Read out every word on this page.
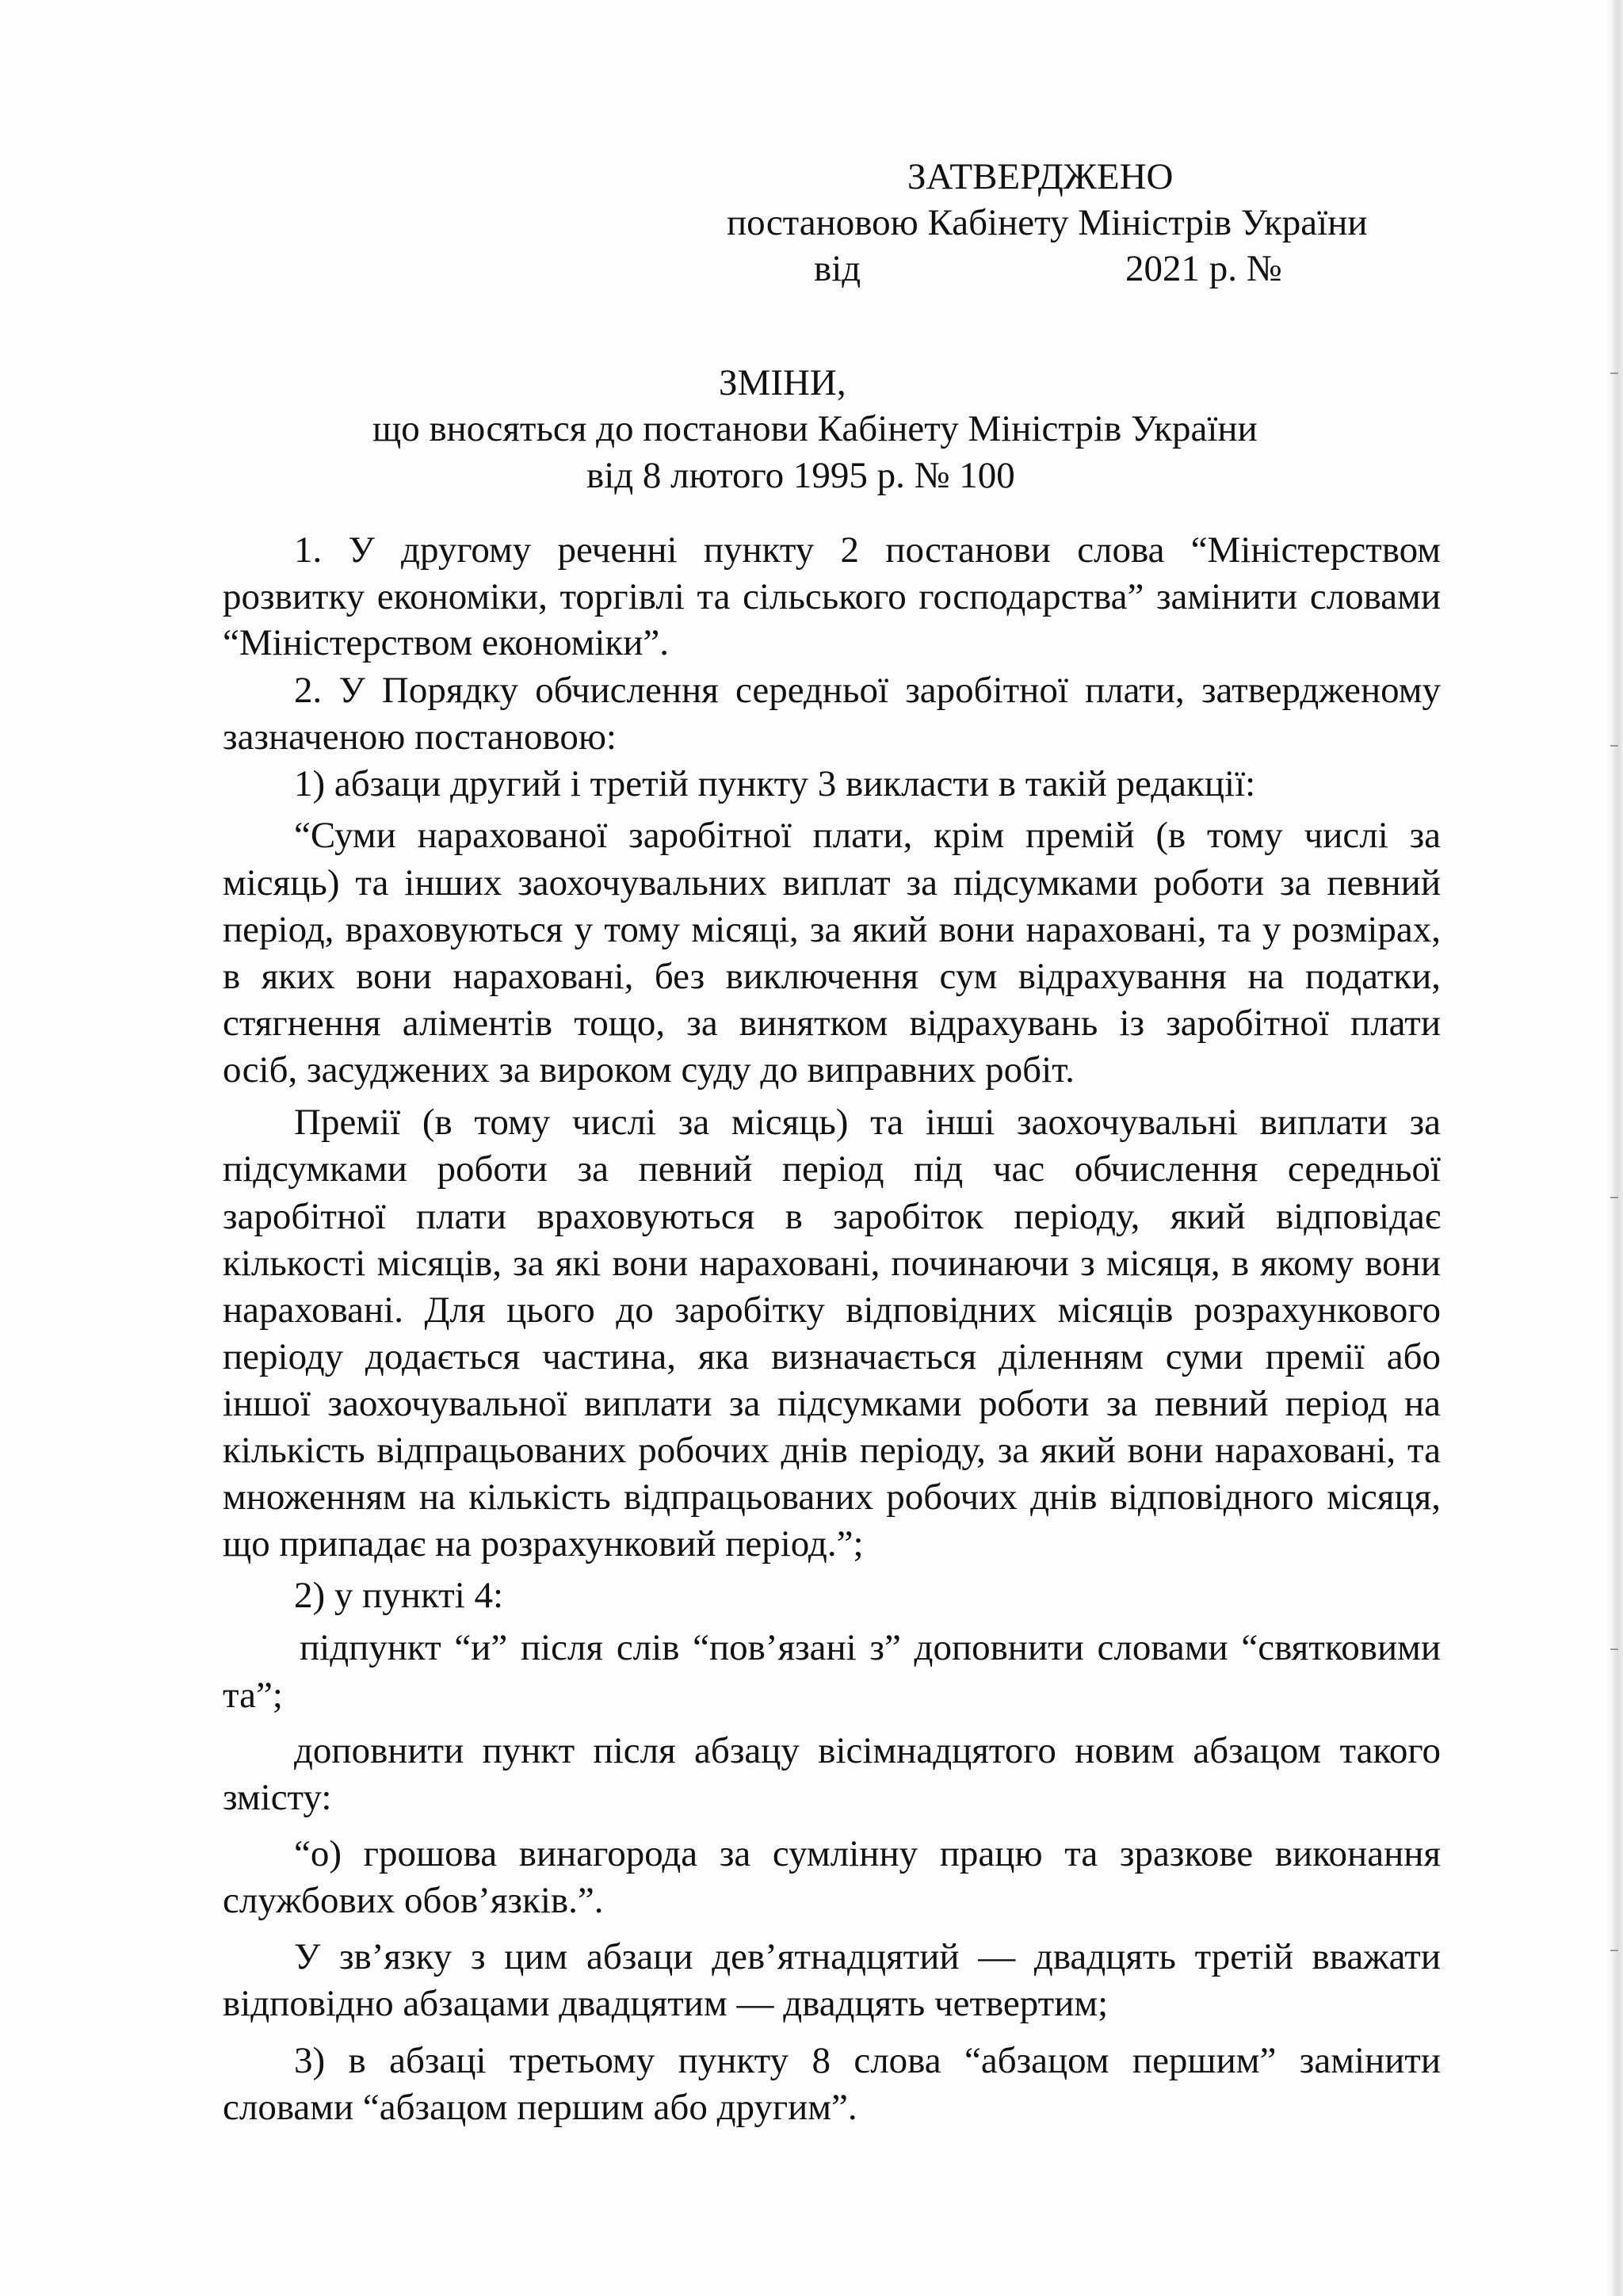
ЗАТВЕРДЖЕНО
постановою Кабінету Міністрів України
від	2021 р. №
ЗМІНИ,
що вносяться до постанови Кабінету Міністрів України
від 8 лютого 1995 р. № 100
1. У другому реченні пункту 2 постанови слова “Міністерством
розвитку економіки, торгівлі та сільського господарства” замінити словами
“Міністерством економіки”.
2. У Порядку обчислення середньої заробітної плати, затвердженому
зазначеною постановою:
1) абзаци другий і третій пункту 3 викласти в такій редакції:
“Суми нарахованої заробітної плати, крім премій (в тому числі за
місяць) та інших заохочувальних виплат за підсумками роботи за певний
період, враховуються у тому місяці, за який вони нараховані, та у розмірах,
в яких вони нараховані, без виключення сум відрахування на податки,
стягнення аліментів тощо, за винятком відрахувань із заробітної плати
осіб, засуджених за вироком суду до виправних робіт.
Премії (в тому числі за місяць) та інші заохочувальні виплати за
підсумками роботи за певний період під час обчислення середньої
заробітної плати враховуються в заробіток періоду, який відповідає
кількості місяців, за які вони нараховані, починаючи з місяця, в якому вони
нараховані. Для цього до заробітку відповідних місяців розрахункового
періоду додається частина, яка визначається діленням суми премії або
іншої заохочувальної виплати за підсумками роботи за певний період на
кількість відпрацьованих робочих днів періоду, за який вони нараховані, та
множенням на кількість відпрацьованих робочих днів відповідного місяця,
що припадає на розрахунковий період.”;
2) у пункті 4:
підпункт “и” після слів “пов’язані з” доповнити словами “святковими
та”;
доповнити пункт після абзацу вісімнадцятого новим абзацом такого
змісту:
“о) грошова винагорода за сумлінну працю та зразкове виконання
службових обов’язків.”.
У зв’язку з цим абзаци дев’ятнадцятий — двадцять третій вважати
відповідно абзацами двадцятим — двадцять четвертим;
3) в абзаці третьому пункту 8 слова “абзацом першим” замінити
словами “абзацом першим або другим”.
